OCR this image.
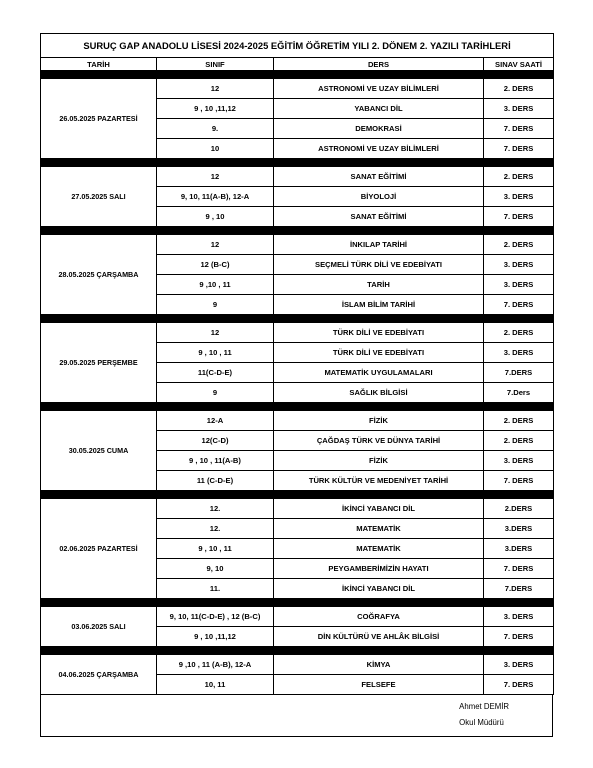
SURUÇ GAP ANADOLU LİSESİ 2024-2025 EĞİTİM ÖĞRETİM YILI 2. DÖNEM 2. YAZILI TARİHLERİ			
TARİH	SINIF	DERS	SINAV SAATİ

26.05.2025 PAZARTESİ	12	ASTRONOMİ VE UZAY BİLİMLERİ	2. DERS
	9 , 10 ,11,12	YABANCI DİL	3. DERS
	9.	DEMOKRASİ	7. DERS
	10	ASTRONOMİ VE UZAY BİLİMLERİ	7. DERS

27.05.2025 SALI	12	SANAT EĞİTİMİ	2. DERS
	9, 10, 11(A-B), 12-A	BİYOLOJİ	3. DERS
	9 , 10	SANAT EĞİTİMİ	7. DERS

28.05.2025 ÇARŞAMBA	12	İNKILAP TARİHİ	2. DERS
	12 (B-C)	SEÇMELİ TÜRK DİLİ VE EDEBİYATI	3. DERS
	9 ,10 , 11	TARİH	3. DERS
	9	İSLAM BİLİM TARİHİ	7. DERS

29.05.2025 PERŞEMBE	12	TÜRK DİLİ VE EDEBİYATI	2. DERS
	9 , 10 , 11	TÜRK DİLİ VE EDEBİYATI	3. DERS
	11(C-D-E)	MATEMATİK UYGULAMALARI	7.DERS
	9	SAĞLIK BİLGİSİ	7.Ders

30.05.2025 CUMA	12-A	FİZİK	2. DERS
	12(C-D)	ÇAĞDAŞ TÜRK VE DÜNYA TARİHİ	2. DERS
	9 , 10 , 11(A-B)	FİZİK	3. DERS
	11 (C-D-E)	TÜRK KÜLTÜR VE MEDENİYET TARİHİ	7. DERS

02.06.2025 PAZARTESİ	12.	İKİNCİ YABANCI DİL	2.DERS
	12.	MATEMATİK	3.DERS
	9 , 10 , 11	MATEMATİK	3.DERS
	9, 10	PEYGAMBERİMİZİN HAYATI	7. DERS
	11.	İKİNCİ YABANCI DİL	7.DERS

03.06.2025 SALI	9, 10, 11(C-D-E) , 12 (B-C)	COĞRAFYA	3. DERS
	9 , 10 ,11,12	DİN KÜLTÜRÜ VE AHLÂK BİLGİSİ	7. DERS

04.06.2025 ÇARŞAMBA	9 ,10 , 11 (A-B), 12-A	KİMYA	3. DERS
	10, 11	FELSEFE	7. DERS
Ahmet DEMİR
Okul Müdürü
